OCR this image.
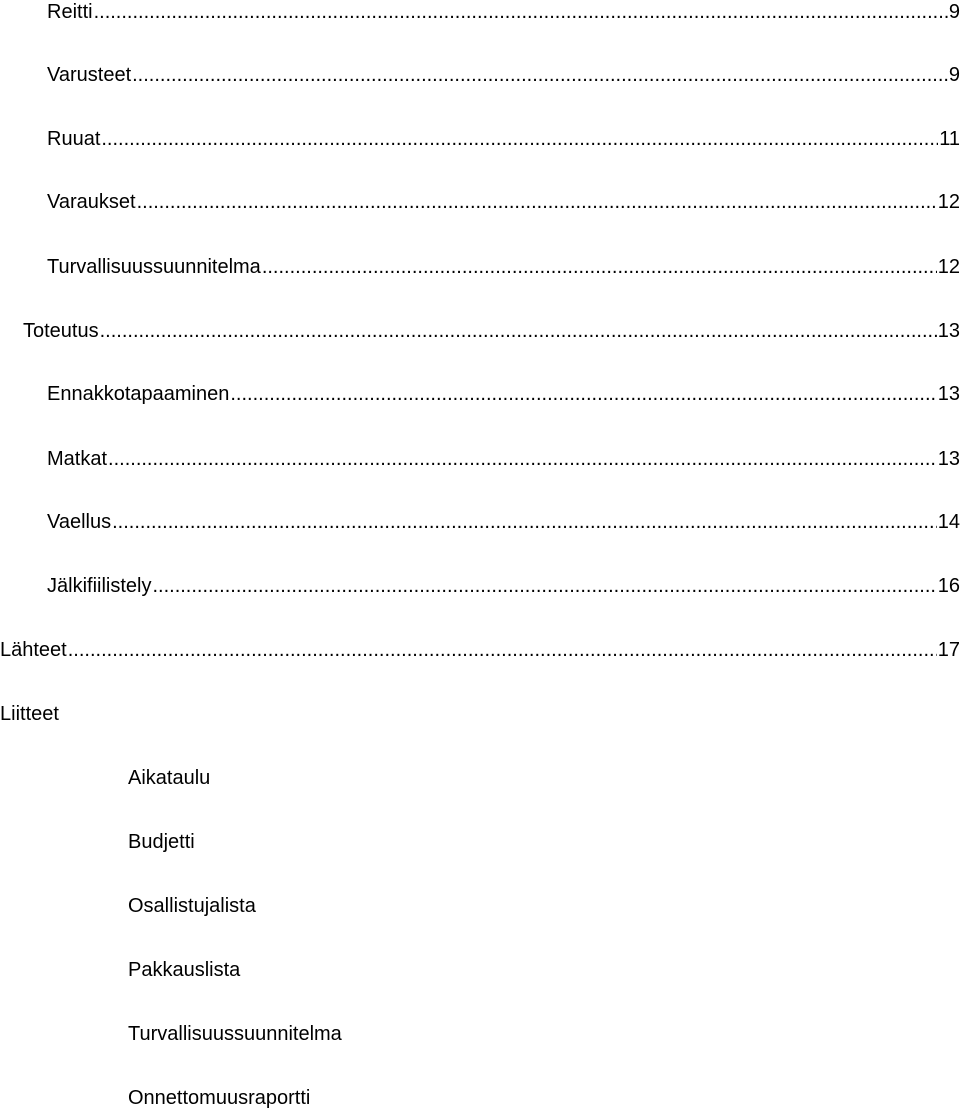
Reitti .....	9
Varusteet .....	9
Ruuat .....	11
Varaukset .....	12
Turvallisuussuunnitelma .....	12
Toteutus .....	13
Ennakkotapaaminen .....	13
Matkat .....	13
Vaellus .....	14
Jälkifiilistely .....	16
Lähteet .....	17
Liitteet
Aikataulu
Budjetti
Osallistujalista
Pakkauslista
Turvallisuussuunnitelma
Onnettomuusraportti
